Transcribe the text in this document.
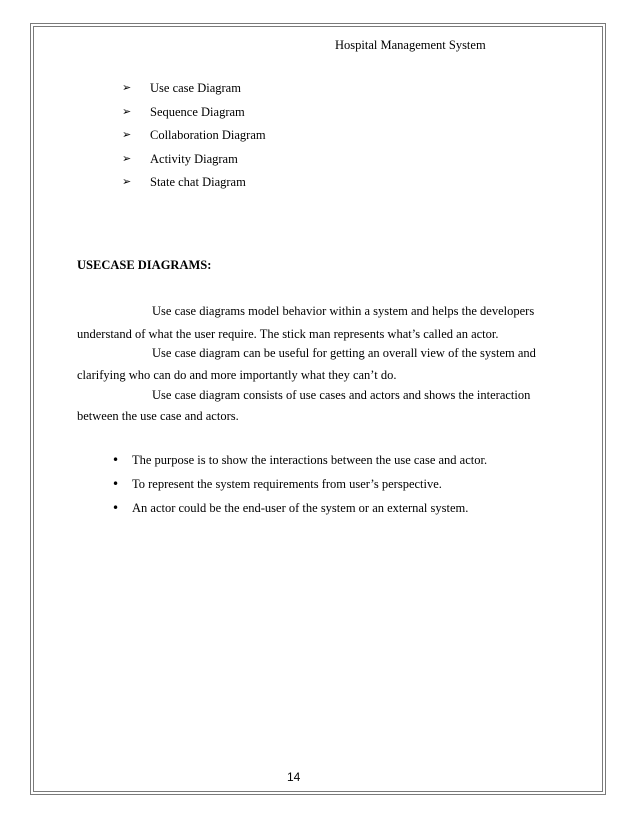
Hospital Management System
➢	Use case Diagram
➢	Sequence Diagram
➢	Collaboration Diagram
➢	Activity Diagram
➢	State chat Diagram
USECASE DIAGRAMS:
Use case diagrams model behavior within a system and helps the developers
understand of what the user require. The stick man represents what’s called an actor.
Use case diagram can be useful for getting an overall view of the system and
clarifying who can do and more importantly what they can’t do.
Use case diagram consists of use cases and actors and shows the interaction
between the use case and actors.
•	The purpose is to show the interactions between the use case and actor.
•	To represent the system requirements from user’s perspective.
•	An actor could be the end-user of the system or an external system.
14
